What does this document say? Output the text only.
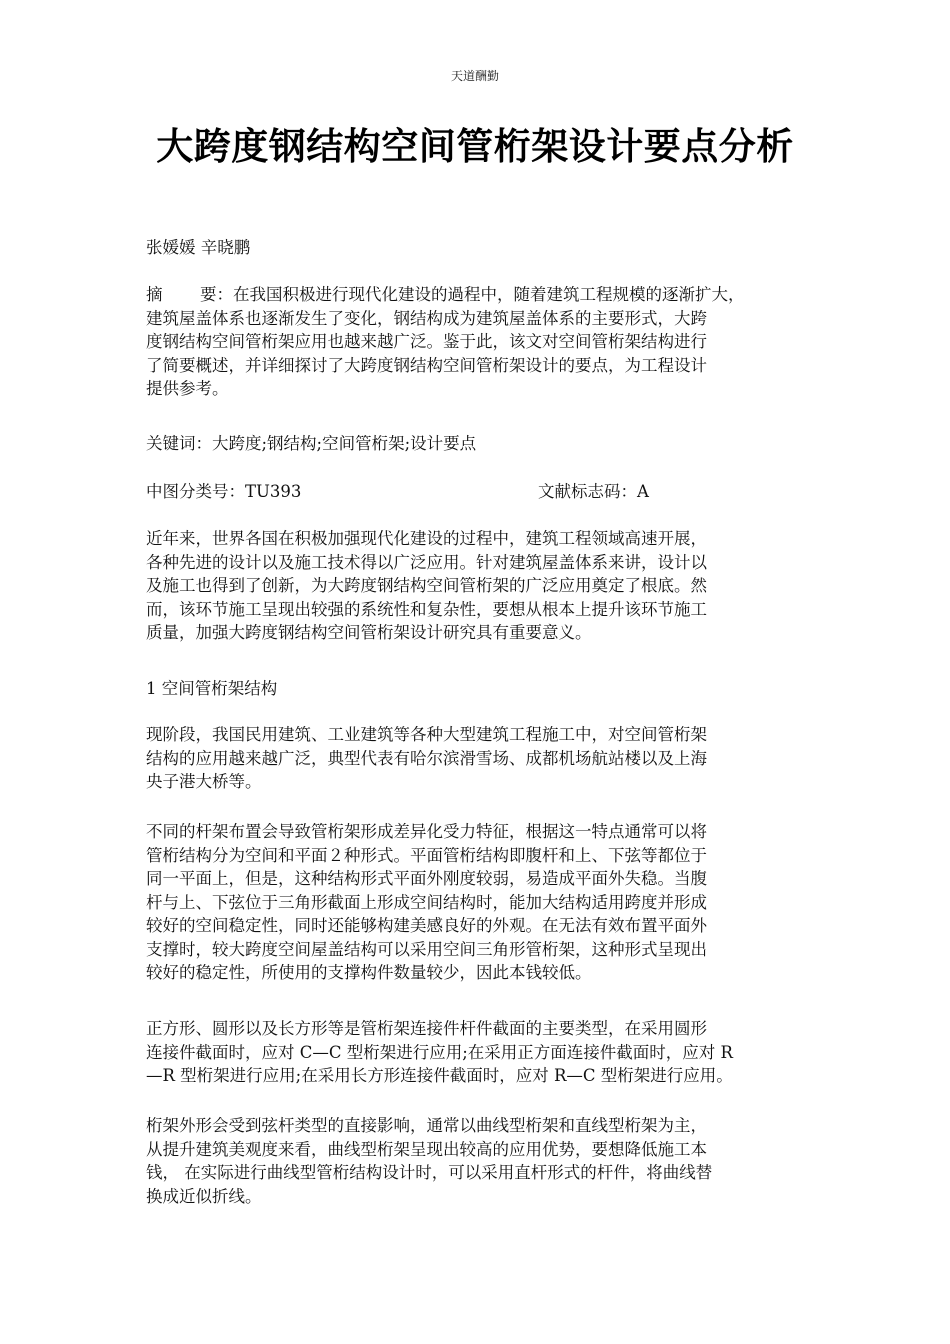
天道酬勤
大跨度钢结构空间管桁架设计要点分析
张媛媛 辛晓鹏
摘 要：在我国积极进行现代化建设的過程中，随着建筑工程规模的逐渐扩大，
建筑屋盖体系也逐渐发生了变化，钢结构成为建筑屋盖体系的主要形式，大跨
度钢结构空间管桁架应用也越来越广泛。鉴于此，该文对空间管桁架结构进行
了简要概述，并详细探讨了大跨度钢结构空间管桁架设计的要点，为工程设计
提供参考。
关键词：大跨度;钢结构;空间管桁架;设计要点
中图分类号：TU393	文献标志码：A
近年来，世界各国在积极加强现代化建设的过程中，建筑工程领域高速开展，
各种先进的设计以及施工技术得以广泛应用。针对建筑屋盖体系来讲，设计以
及施工也得到了创新，为大跨度钢结构空间管桁架的广泛应用奠定了根底。然
而，该环节施工呈现出较强的系统性和复杂性，要想从根本上提升该环节施工
质量，加强大跨度钢结构空间管桁架设计研究具有重要意义。
1 空间管桁架结构
现阶段，我国民用建筑、工业建筑等各种大型建筑工程施工中，对空间管桁架
结构的应用越来越广泛，典型代表有哈尔滨滑雪场、成都机场航站楼以及上海
央子港大桥等。
不同的杆架布置会导致管桁架形成差异化受力特征，根据这一特点通常可以将
管桁结构分为空间和平面２种形式。平面管桁结构即腹杆和上、下弦等都位于
同一平面上，但是，这种结构形式平面外刚度较弱，易造成平面外失稳。当腹
杆与上、下弦位于三角形截面上形成空间结构时，能加大结构适用跨度并形成
较好的空间稳定性，同时还能够构建美感良好的外观。在无法有效布置平面外
支撑时，较大跨度空间屋盖结构可以采用空间三角形管桁架，这种形式呈现出
较好的稳定性，所使用的支撑构件数量较少，因此本钱较低。
正方形、圆形以及长方形等是管桁架连接件杆件截面的主要类型，在采用圆形
连接件截面时，应对 C—C 型桁架进行应用;在采用正方面连接件截面时，应对 R
—R 型桁架进行应用;在采用长方形连接件截面时，应对 R—C 型桁架进行应用。
桁架外形会受到弦杆类型的直接影响，通常以曲线型桁架和直线型桁架为主，
从提升建筑美观度来看，曲线型桁架呈现出较高的应用优势，要想降低施工本
钱， 在实际进行曲线型管桁结构设计时，可以采用直杆形式的杆件，将曲线替
换成近似折线。
